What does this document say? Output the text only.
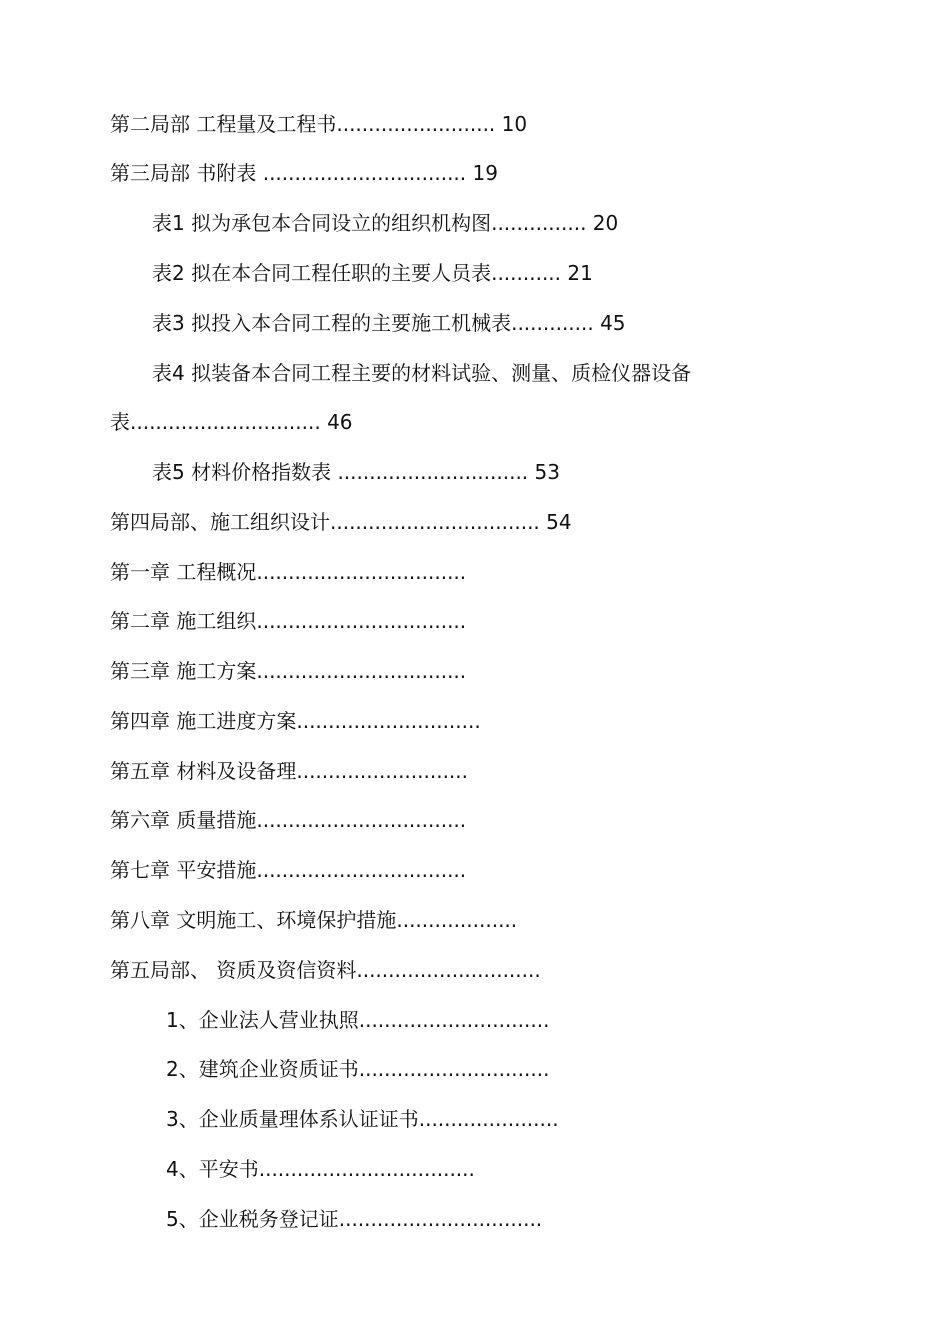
第二局部 工程量及工程书......................... 10

第三局部 书附表 ................................ 19

表1 拟为承包本合同设立的组织机构图............... 20

表2 拟在本合同工程任职的主要人员表........... 21

表3 拟投入本合同工程的主要施工机械表............. 45

表4 拟装备本合同工程主要的材料试验、测量、质检仪器设备

表.............................. 46

表5 材料价格指数表 .............................. 53

第四局部、施工组织设计................................. 54

第一章 工程概况.................................

第二章 施工组织.................................

第三章 施工方案.................................

第四章 施工进度方案.............................

第五章 材料及设备理...........................

第六章 质量措施.................................

第七章 平安措施.................................

第八章 文明施工、环境保护措施...................

第五局部、 资质及资信资料.............................

1、企业法人营业执照..............................

2、建筑企业资质证书..............................

3、企业质量理体系认证证书......................

4、平安书..................................

5、企业税务登记证................................
